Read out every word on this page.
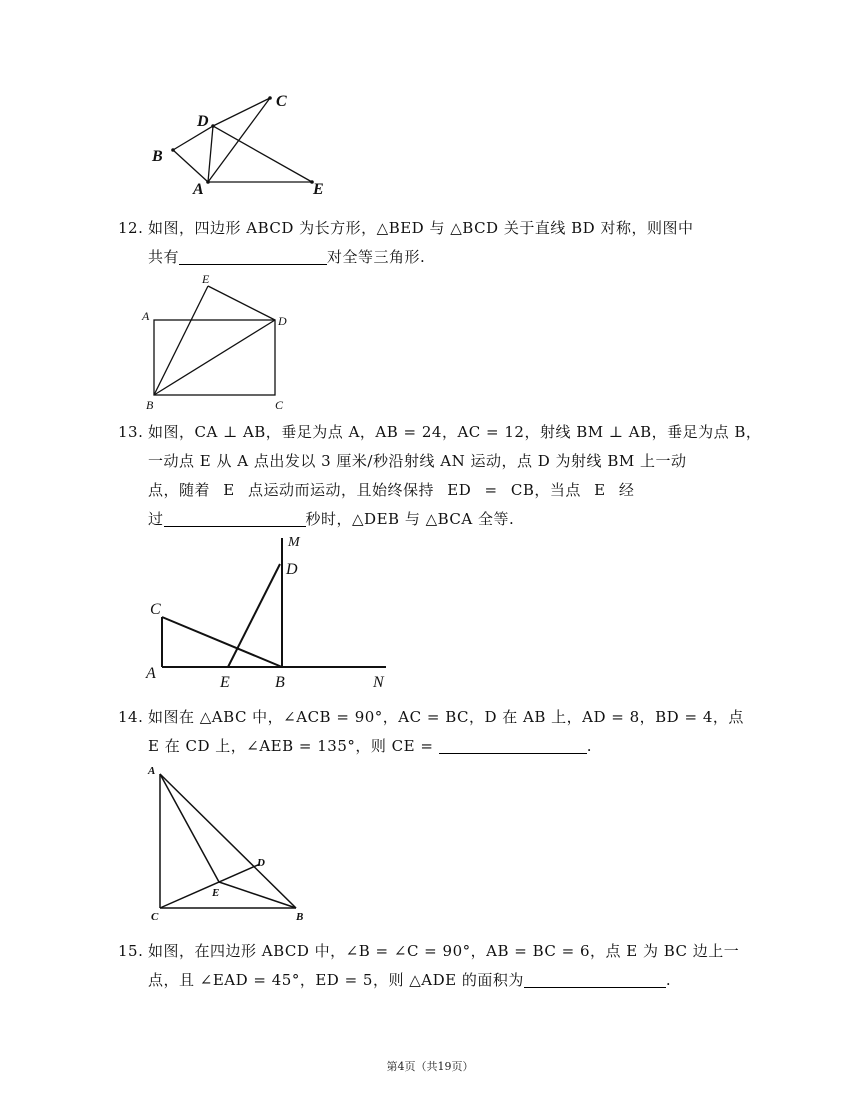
B
D
C
A	E
12. 如图，四边形 ABCD 为长方形，△BED 与 △BCD 关于直线 BD 对称，则图中
共有	对全等三角形.
E
A	D
B	C
13. 如图，CA ⊥ AB，垂足为点 A，AB = 24，AC = 12，射线 BM ⊥ AB，垂足为点 B，
一动点 E 从 A 点出发以 3 厘米/秒沿射线 AN 运动，点 D 为射线 BM 上一动
点，随着 E 点运动而运动，且始终保持 ED = CB，当点 E 经
过	秒时，△DEB 与 △BCA 全等.
M
D
C
A
E	B	N
14. 如图在 △ABC 中，∠ACB = 90°，AC = BC，D 在 AB 上，AD = 8，BD = 4，点
E 在 CD 上，∠AEB = 135°，则 CE =	.
A
D
E
C	B
15. 如图，在四边形 ABCD 中，∠B = ∠C = 90°，AB = BC = 6，点 E 为 BC 边上一
点，且 ∠EAD = 45°，ED = 5，则 △ADE 的面积为	.
第4页（共19页）
